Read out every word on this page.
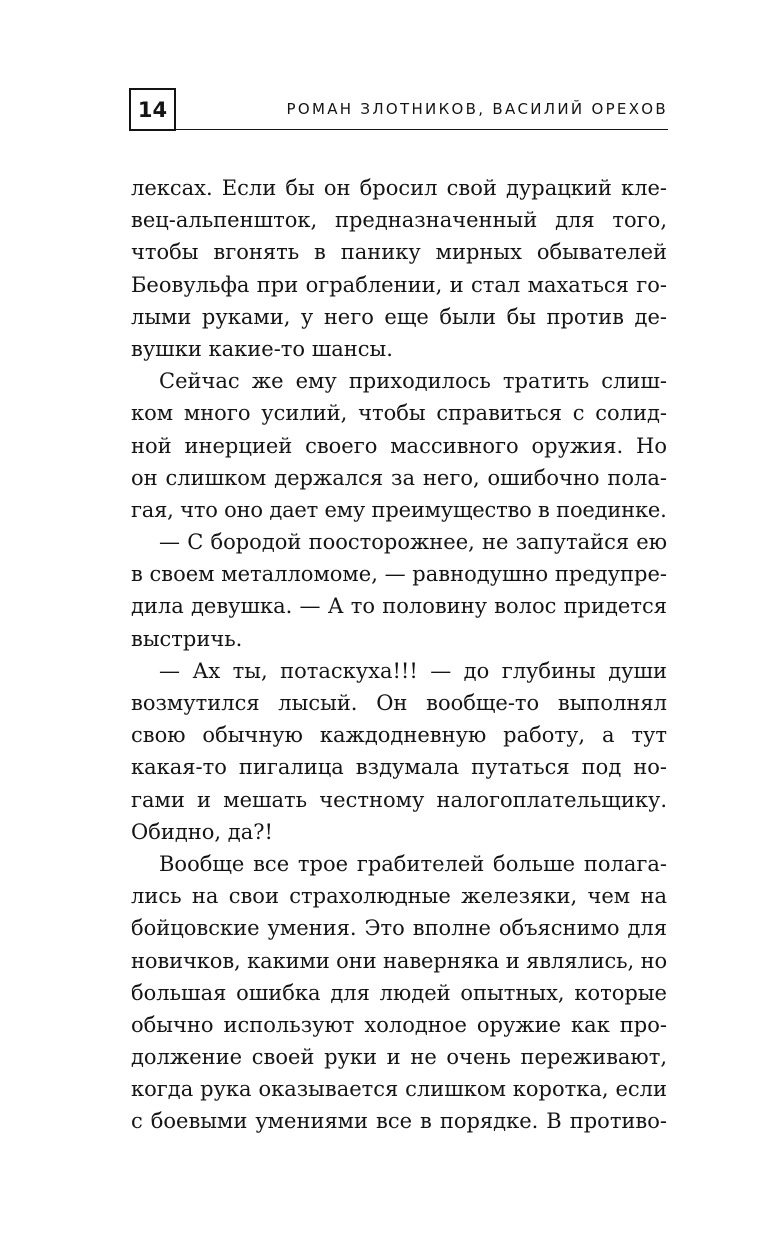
14	РОМАН ЗЛОТНИКОВ, ВАСИЛИЙ ОРЕХОВ
лексах. Если бы он бросил свой дурацкий кле-
вец-альпеншток, предназначенный для того,
чтобы вгонять в панику мирных обывателей
Беовульфа при ограблении, и стал махаться го-
лыми руками, у него еще были бы против де-
вушки какие-то шансы.
Сейчас же ему приходилось тратить слиш-
ком много усилий, чтобы справиться с солид-
ной инерцией своего массивного оружия. Но
он слишком держался за него, ошибочно пола-
гая, что оно дает ему преимущество в поединке.
— С бородой поосторожнее, не запутайся ею
в своем металломоме, — равнодушно предупре-
дила девушка. — А то половину волос придется
выстричь.
— Ах ты, потаскуха!!! — до глубины души
возмутился лысый. Он вообще-то выполнял
свою обычную каждодневную работу, а тут
какая-то пигалица вздумала путаться под но-
гами и мешать честному налогоплательщику.
Обидно, да?!
Вообще все трое грабителей больше полага-
лись на свои страхолюдные железяки, чем на
бойцовские умения. Это вполне объяснимо для
новичков, какими они наверняка и являлись, но
большая ошибка для людей опытных, которые
обычно используют холодное оружие как про-
должение своей руки и не очень переживают,
когда рука оказывается слишком коротка, если
с боевыми умениями все в порядке. В противо-
